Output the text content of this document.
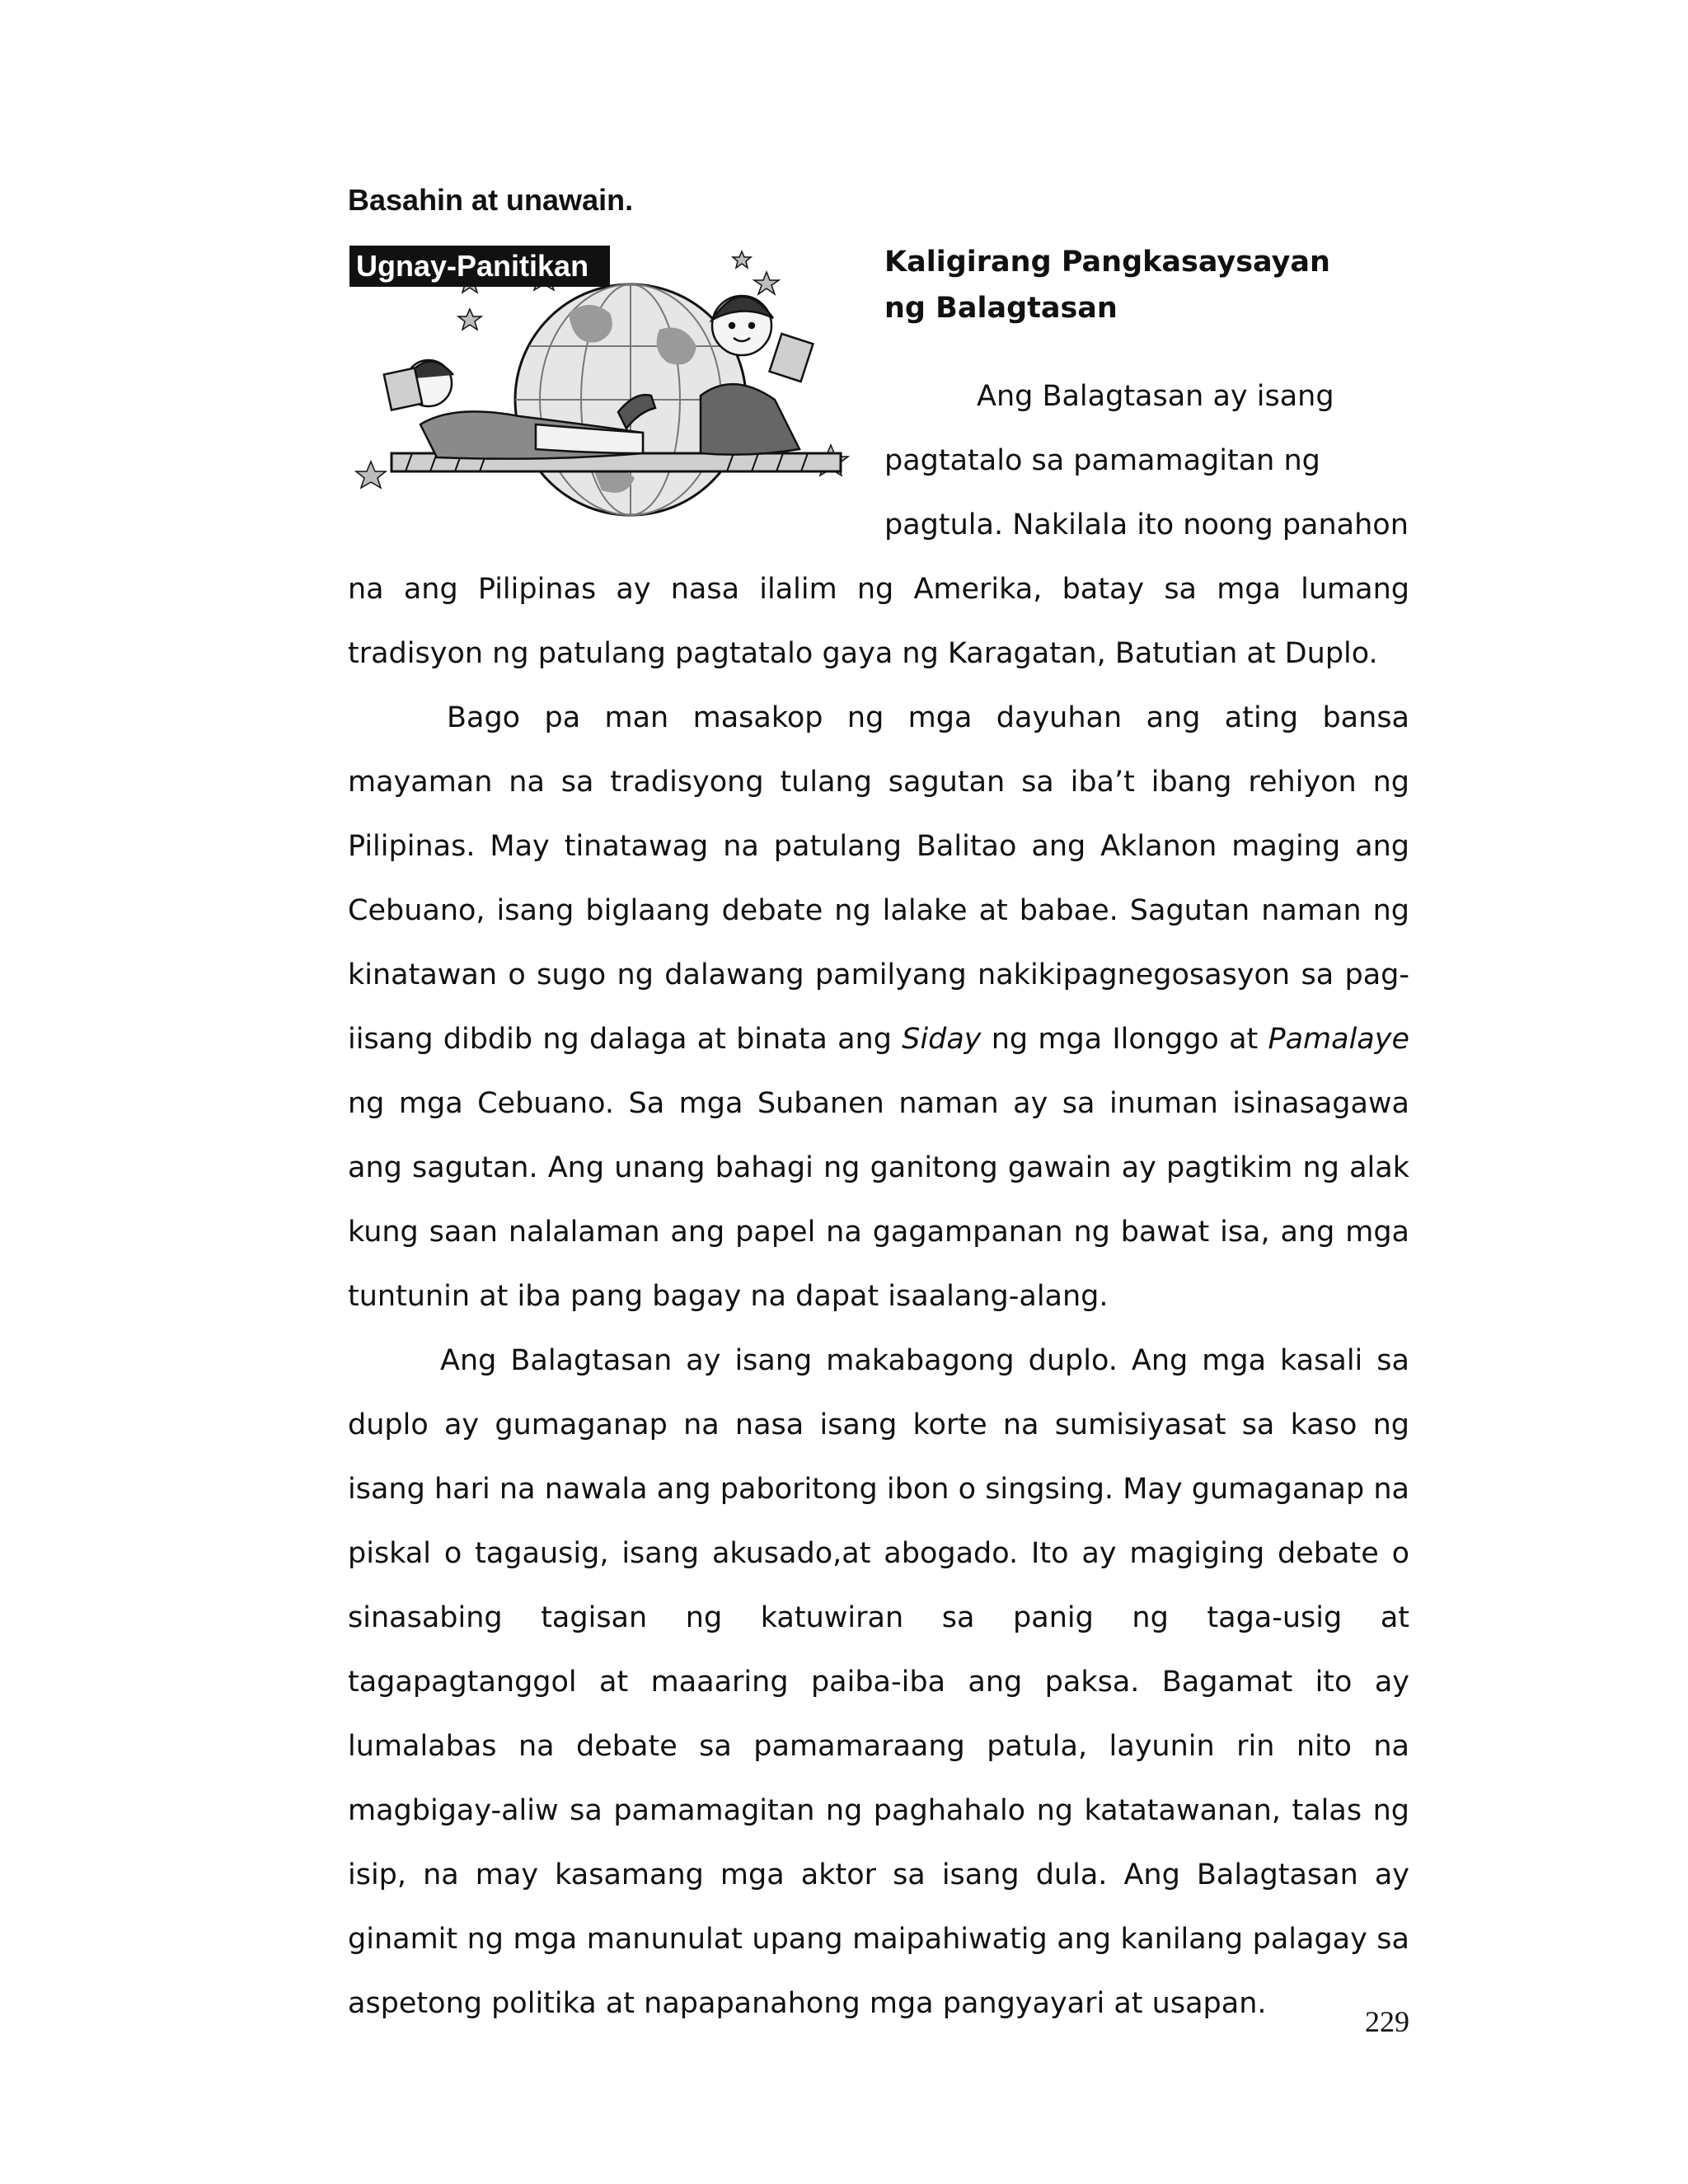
Basahin at unawain.

Ugnay-Panitikan	Kaligirang Pangkasaysayan ng Balagtasan
Ang Balagtasan ay isang
pagtatalo sa pamamagitan ng
pagtula. Nakilala ito noong panahon

na ang Pilipinas ay nasa ilalim ng Amerika, batay sa mga lumang tradisyon ng patulang pagtatalo gaya ng Karagatan, Batutian at Duplo.

Bago pa man masakop ng mga dayuhan ang ating bansa mayaman na sa tradisyong tulang sagutan sa iba’t ibang rehiyon ng Pilipinas. May tinatawag na patulang Balitao ang Aklanon maging ang Cebuano, isang biglaang debate ng lalake at babae. Sagutan naman ng kinatawan o sugo ng dalawang pamilyang nakikipagnegosasyon sa pag-iisang dibdib ng dalaga at binata ang Siday ng mga Ilonggo at Pamalaye ng mga Cebuano. Sa mga Subanen naman ay sa inuman isinasagawa ang sagutan. Ang unang bahagi ng ganitong gawain ay pagtikim ng alak kung saan nalalaman ang papel na gagampanan ng bawat isa, ang mga tuntunin at iba pang bagay na dapat isaalang-alang.

Ang Balagtasan ay isang makabagong duplo. Ang mga kasali sa duplo ay gumaganap na nasa isang korte na sumisiyasat sa kaso ng isang hari na nawala ang paboritong ibon o singsing. May gumaganap na piskal o tagausig, isang akusado,at abogado. Ito ay magiging debate o sinasabing tagisan ng katuwiran sa panig ng taga-usig at tagapagtanggol at maaaring paiba-iba ang paksa. Bagamat ito ay lumalabas na debate sa pamamaraang patula, layunin rin nito na magbigay-aliw sa pamamagitan ng paghahalo ng katatawanan, talas ng isip, na may kasamang mga aktor sa isang dula. Ang Balagtasan ay ginamit ng mga manunulat upang maipahiwatig ang kanilang palagay sa aspetong politika at napapanahong mga pangyayari at usapan.

229
